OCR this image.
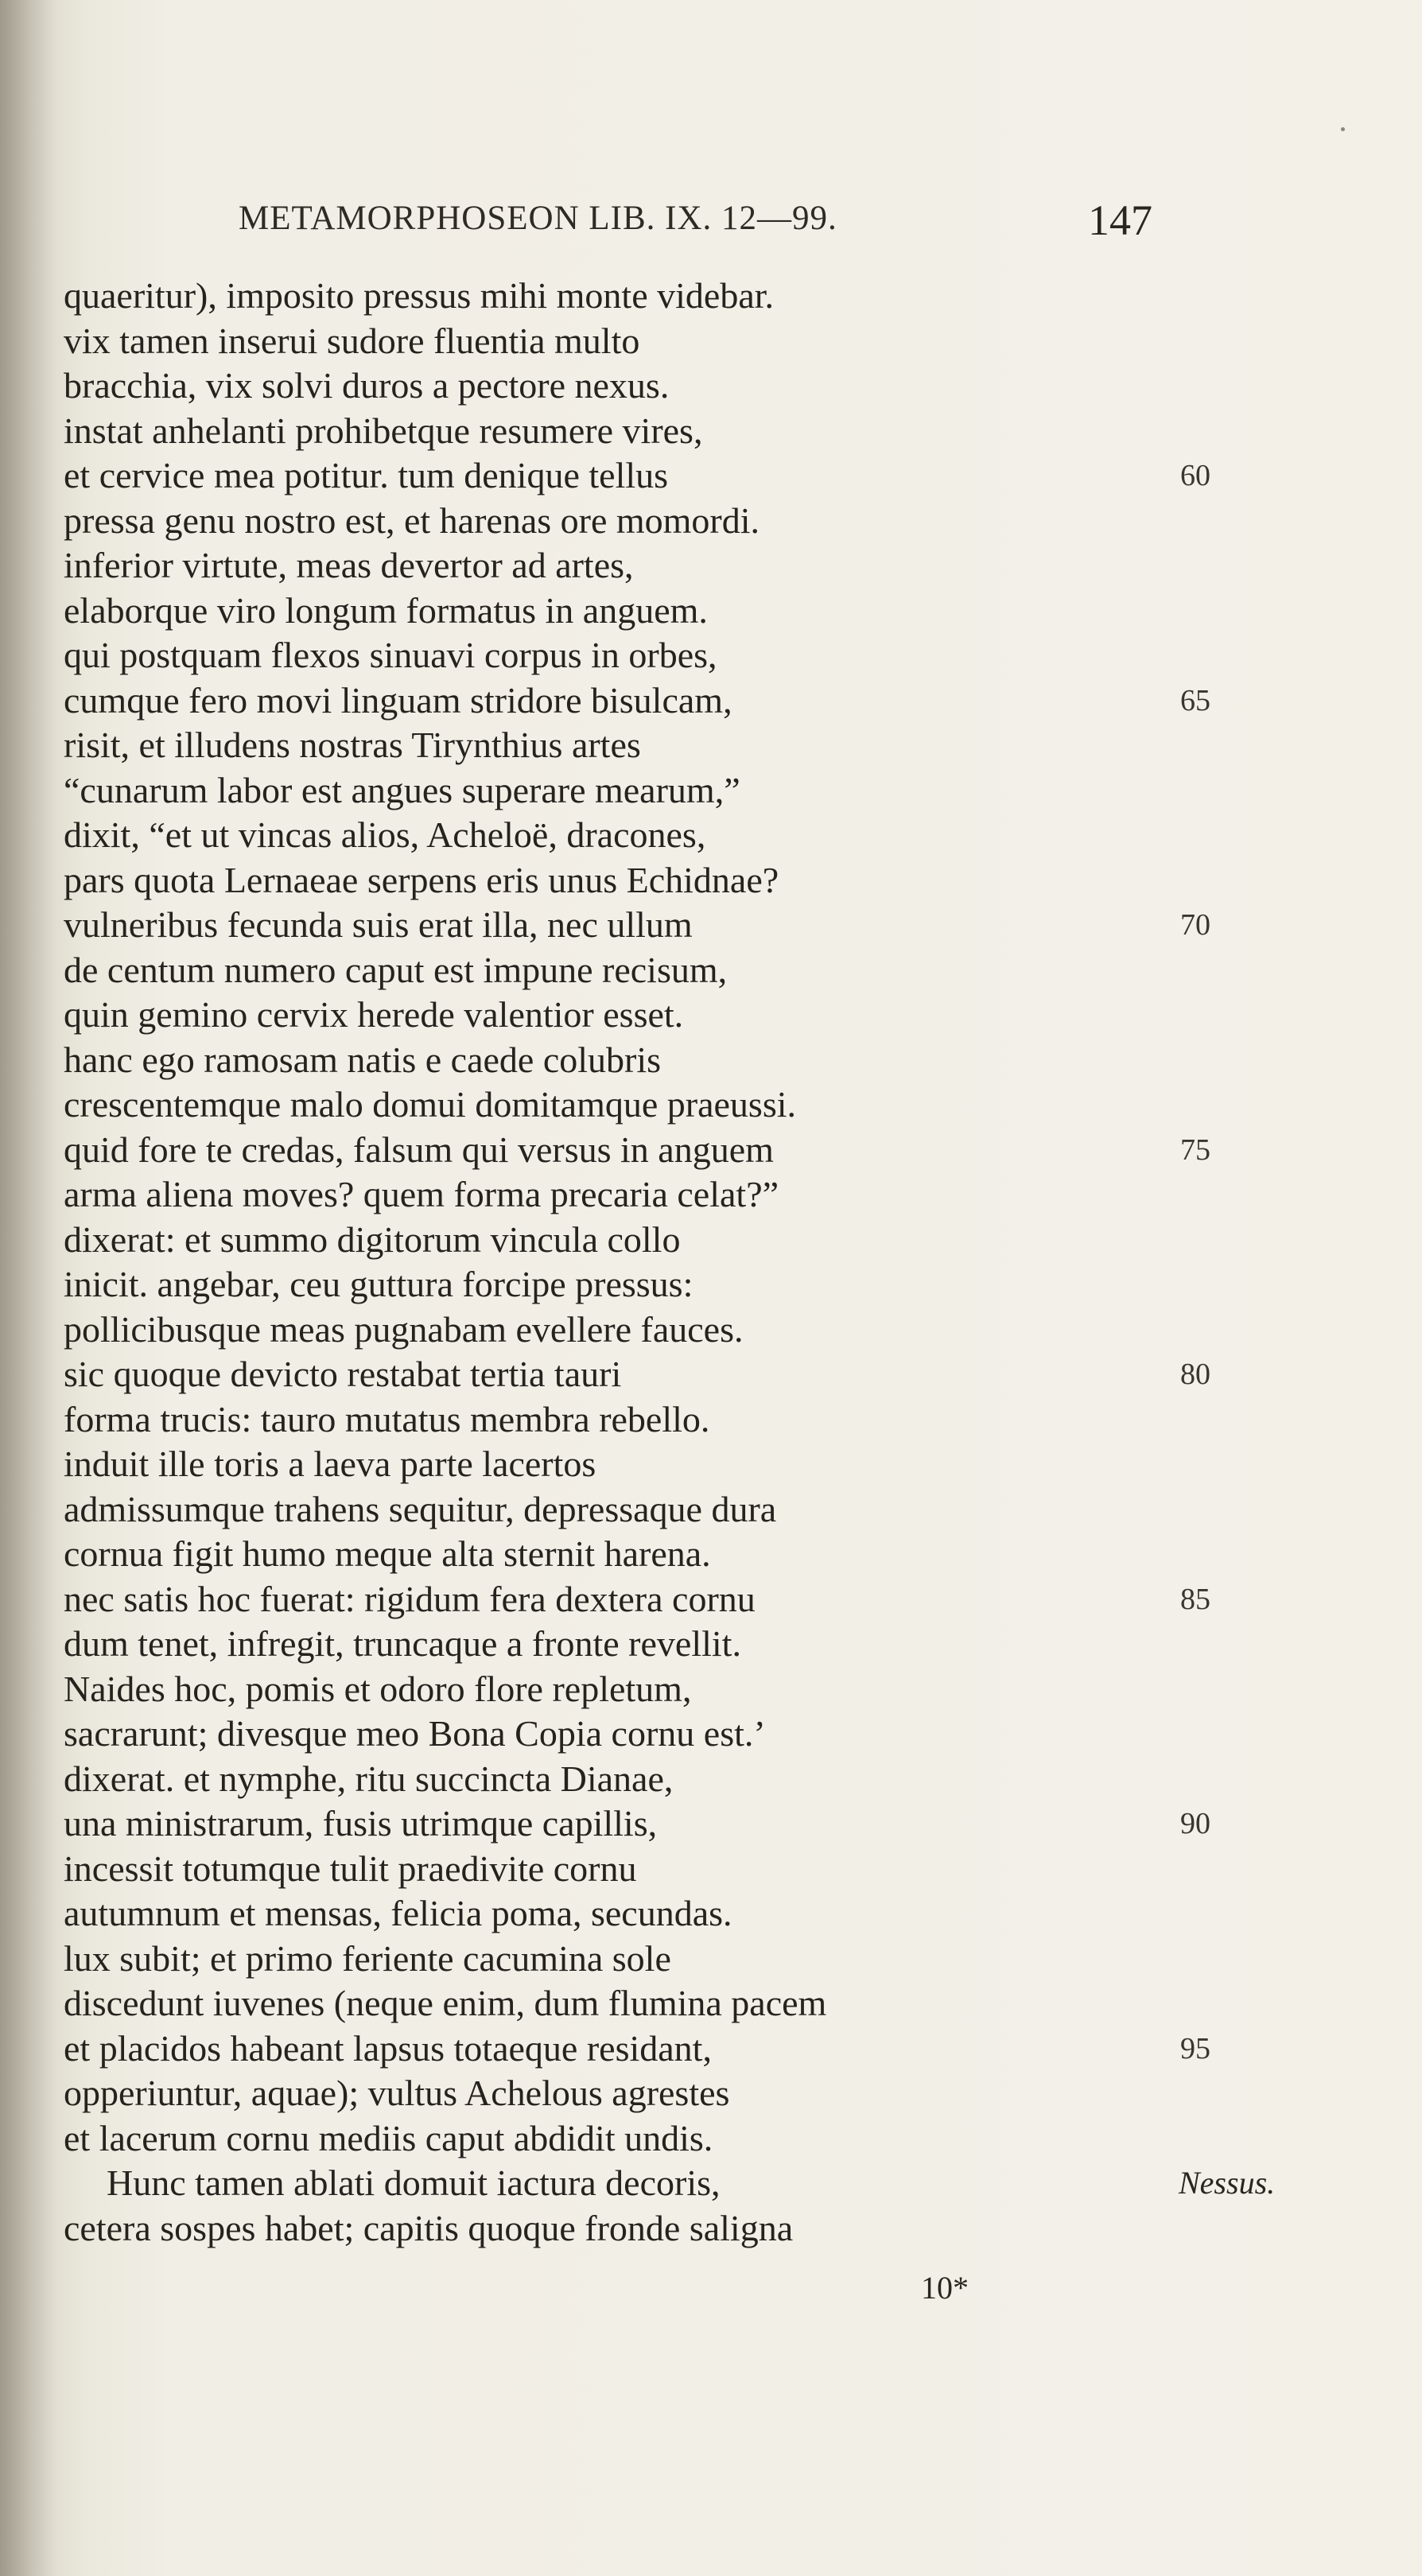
METAMORPHOSEON LIB. IX. 12—99.	147
quaeritur), imposito pressus mihi monte videbar.
vix tamen inserui sudore fluentia multo
bracchia, vix solvi duros a pectore nexus.
instat anhelanti prohibetque resumere vires,
et cervice mea potitur. tum denique tellus	60
pressa genu nostro est, et harenas ore momordi.
inferior virtute, meas devertor ad artes,
elaborque viro longum formatus in anguem.
qui postquam flexos sinuavi corpus in orbes,
cumque fero movi linguam stridore bisulcam,	65
risit, et illudens nostras Tirynthius artes
“cunarum labor est angues superare mearum,”
dixit, “et ut vincas alios, Acheloë, dracones,
pars quota Lernaeae serpens eris unus Echidnae?
vulneribus fecunda suis erat illa, nec ullum	70
de centum numero caput est impune recisum,
quin gemino cervix herede valentior esset.
hanc ego ramosam natis e caede colubris
crescentemque malo domui domitamque praeussi.
quid fore te credas, falsum qui versus in anguem	75
arma aliena moves? quem forma precaria celat?”
dixerat: et summo digitorum vincula collo
inicit. angebar, ceu guttura forcipe pressus:
pollicibusque meas pugnabam evellere fauces.
sic quoque devicto restabat tertia tauri	80
forma trucis: tauro mutatus membra rebello.
induit ille toris a laeva parte lacertos
admissumque trahens sequitur, depressaque dura
cornua figit humo meque alta sternit harena.
nec satis hoc fuerat: rigidum fera dextera cornu	85
dum tenet, infregit, truncaque a fronte revellit.
Naides hoc, pomis et odoro flore repletum,
sacrarunt; divesque meo Bona Copia cornu est.’
dixerat. et nymphe, ritu succincta Dianae,
una ministrarum, fusis utrimque capillis,	90
incessit totumque tulit praedivite cornu
autumnum et mensas, felicia poma, secundas.
lux subit; et primo feriente cacumina sole
discedunt iuvenes (neque enim, dum flumina pacem
et placidos habeant lapsus totaeque residant,	95
opperiuntur, aquae); vultus Achelous agrestes
et lacerum cornu mediis caput abdidit undis.
Hunc tamen ablati domuit iactura decoris,	Nessus.
cetera sospes habet; capitis quoque fronde saligna
10*
